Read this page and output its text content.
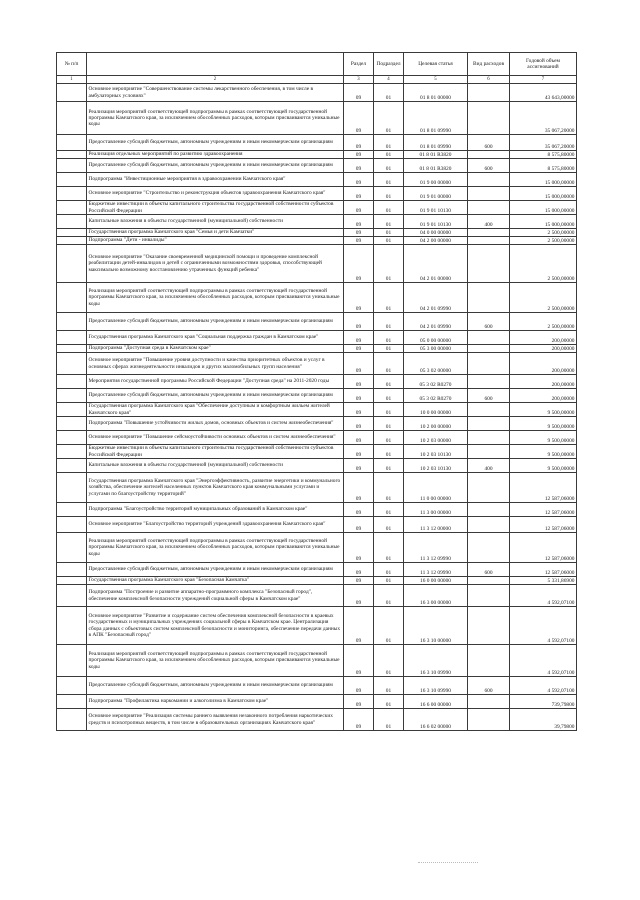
№ п/п		Раздел	Подраздел	Целевая статья	Вид расходов	Годовой объем ассигнований
1	2	3	4	5	6	7
	Основное мероприятие "Совершенствование системы лекарственного обеспечения, в том числе в амбулаторных условиях"	09	01	01 8 01 00000		43 643,00000
	Реализация мероприятий соответствующей подпрограммы в рамках соответствующей государственной программы Камчатского края, за исключением обособленных расходов, которым присваиваются уникальные коды	09	01	01 8 01 09990		35 067,20000
	Предоставление субсидий бюджетным, автономным учреждениям и иным некоммерческим организациям	09	01	01 8 01 09990	600	35 067,20000
	Реализация отдельных мероприятий по развитию здравоохранения	09	01	01 8 01 R3820		8 575,80000
	Предоставление субсидий бюджетным, автономным учреждениям и иным некоммерческим организациям	09	01	01 8 01 R3820	600	8 575,80000
	Подпрограмма "Инвестиционные мероприятия в здравоохранении Камчатского края"	09	01	01 9 00 00000		15 000,00000
	Основное мероприятие "Строительство и реконструкция объектов здравоохранения Камчатского края"	09	01	01 9 01 00000		15 000,00000
	Бюджетные инвестиции в объекты капитального строительства государственной собственности субъектов Российской Федерации	09	01	01 9 01 10130		15 000,00000
	Капитальные вложения в объекты государственной (муниципальной) собственности	09	01	01 9 01 10130	400	15 000,00000
	Государственная программа Камчатского края "Семья и дети Камчатки"	09	01	04 0 00 00000		2 500,00000
	Подпрограмма "Дети - инвалиды"	09	01	04 2 00 00000		2 500,00000
	Основное мероприятие "Оказание своевременной медицинской помощи и проведение комплексной реабилитации детей-инвалидов и детей с ограниченными возможностями здоровья, способствующей максимально возможному восстановлению утраченных функций ребенка"	09	01	04 2 01 00000		2 500,00000
	Реализация мероприятий соответствующей подпрограммы в рамках соответствующей государственной программы Камчатского края, за исключением обособленных расходов, которым присваиваются уникальные коды	09	01	04 2 01 09990		2 500,00000
	Предоставление субсидий бюджетным, автономным учреждениям и иным некоммерческим организациям	09	01	04 2 01 09990	600	2 500,00000
	Государственная программа Камчатского края "Социальная поддержка граждан в Камчатском крае"	09	01	05 0 00 00000		200,00000
	Подпрограмма "Доступная среда в Камчатском крае"	09	01	05 3 00 00000		200,00000
	Основное мероприятие "Повышение уровня доступности и качества приоритетных объектов и услуг в основных сферах жизнедеятельности инвалидов и других маломобильных групп населения"	09	01	05 3 02 00000		200,00000
	Мероприятия государственной программы Российской Федерации "Доступная среда" на 2011-2020 годы	09	01	05 3 02 R0270		200,00000
	Предоставление субсидий бюджетным, автономным учреждениям и иным некоммерческим организациям	09	01	05 3 02 R0270	600	200,00000
	Государственная программа Камчатского края "Обеспечение доступным и комфортным жильем жителей Камчатского края"	09	01	10 0 00 00000		9 500,00000
	Подпрограмма "Повышение устойчивости жилых домов, основных объектов и систем жизнеобеспечения"	09	01	10 2 00 00000		9 500,00000
	Основное мероприятие "Повышение сейсмоустойчивости основных объектов и систем жизнеобеспечения"	09	01	10 2 03 00000		9 500,00000
	Бюджетные инвестиции в объекты капитального строительства государственной собственности субъектов Российской Федерации	09	01	10 2 03 10130		9 500,00000
	Капитальные вложения в объекты государственной (муниципальной) собственности	09	01	10 2 03 10130	400	9 500,00000
	Государственная программа Камчатского края "Энергоэффективность, развитие энергетики и коммунального хозяйства, обеспечение жителей населенных пунктов Камчатского края коммунальными услугами и услугами по благоустройству территорий"	09	01	11 0 00 00000		12 587,06000
	Подпрограмма "Благоустройство территорий муниципальных образований в Камчатском крае"	09	01	11 3 00 00000		12 587,06000
	Основное мероприятие "Благоустройство территорий учреждений здравоохранения Камчатского края"	09	01	11 3 12 00000		12 587,06000
	Реализация мероприятий соответствующей подпрограммы в рамках соответствующей государственной программы Камчатского края, за исключением обособленных расходов, которым присваиваются уникальные коды	09	01	11 3 12 09990		12 587,06000
	Предоставление субсидий бюджетным, автономным учреждениям и иным некоммерческим организациям	09	01	11 3 12 09990	600	12 587,06000
	Государственная программа Камчатского края "Безопасная Камчатка"	09	01	16 0 00 00000		5 331,86900
	Подпрограмма "Построение и развитие аппаратно-программного комплекса "Безопасный город", обеспечение комплексной безопасности учреждений социальной сферы в Камчатском крае"	09	01	16 3 00 00000		4 592,07100
	Основное мероприятие "Развитие и содержание систем обеспечения комплексной безопасности в краевых государственных и муниципальных учреждениях социальной сферы в Камчатском крае. Централизация сбора данных с объектовых систем комплексной безопасности и мониторинга, обеспечение передачи данных в АПК "Безопасный город"	09	01	16 3 10 00000		4 592,07100
	Реализация мероприятий соответствующей подпрограммы в рамках соответствующей государственной программы Камчатского края, за исключением обособленных расходов, которым присваиваются уникальные коды	09	01	16 3 10 09990		4 592,07100
	Предоставление субсидий бюджетным, автономным учреждениям и иным некоммерческим организациям	09	01	16 3 10 09990	600	4 592,07100
	Подпрограмма "Профилактика наркомании и алкоголизма в Камчатском крае"	09	01	16 6 00 00000		739,79800
	Основное мероприятие "Реализация системы раннего выявления незаконного потребления наркотических средств и психотропных веществ, в том числе в образовательных организациях Камчатского края"	09	01	16 6 02 00000		39,79800
